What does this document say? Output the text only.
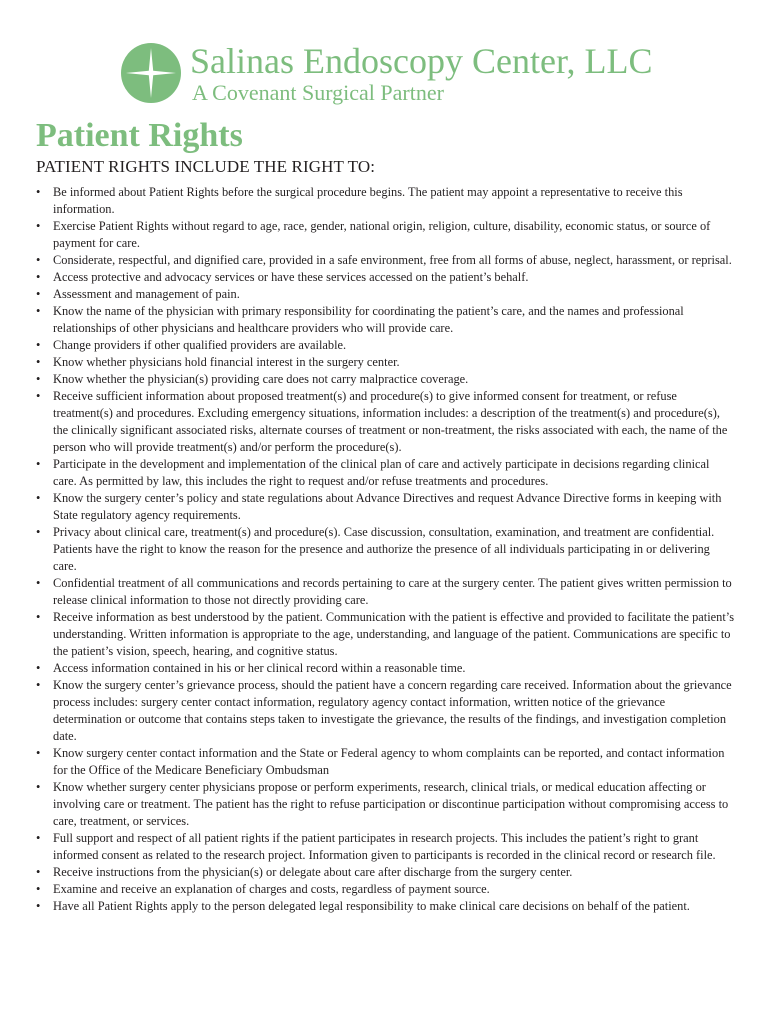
Salinas Endoscopy Center, LLC
A Covenant Surgical Partner
Patient Rights
PATIENT RIGHTS INCLUDE THE RIGHT TO:
• Be informed about Patient Rights before the surgical procedure begins. The patient may appoint a representative to receive this information.
• Exercise Patient Rights without regard to age, race, gender, national origin, religion, culture, disability, economic status, or source of payment for care.
• Considerate, respectful, and dignified care, provided in a safe environment, free from all forms of abuse, neglect, harassment, or reprisal.
• Access protective and advocacy services or have these services accessed on the patient’s behalf.
• Assessment and management of pain.
• Know the name of the physician with primary responsibility for coordinating the patient’s care, and the names and professional relationships of other physicians and healthcare providers who will provide care.
• Change providers if other qualified providers are available.
• Know whether physicians hold financial interest in the surgery center.
• Know whether the physician(s) providing care does not carry malpractice coverage.
• Receive sufficient information about proposed treatment(s) and procedure(s) to give informed consent for treatment, or refuse treatment(s) and procedures. Excluding emergency situations, information includes: a description of the treatment(s) and procedure(s), the clinically significant associated risks, alternate courses of treatment or non-treatment, the risks associated with each, the name of the person who will provide treatment(s) and/or perform the procedure(s).
• Participate in the development and implementation of the clinical plan of care and actively participate in decisions regarding clinical care. As permitted by law, this includes the right to request and/or refuse treatments and procedures.
• Know the surgery center’s policy and state regulations about Advance Directives and request Advance Directive forms in keeping with State regulatory agency requirements.
• Privacy about clinical care, treatment(s) and procedure(s). Case discussion, consultation, examination, and treatment are confidential. Patients have the right to know the reason for the presence and authorize the presence of all individuals participating in or delivering care.
• Confidential treatment of all communications and records pertaining to care at the surgery center. The patient gives written permission to release clinical information to those not directly providing care.
• Receive information as best understood by the patient. Communication with the patient is effective and provided to facilitate the patient’s understanding. Written information is appropriate to the age, understanding, and language of the patient. Communications are specific to the patient’s vision, speech, hearing, and cognitive status.
• Access information contained in his or her clinical record within a reasonable time.
• Know the surgery center’s grievance process, should the patient have a concern regarding care received. Information about the grievance process includes: surgery center contact information, regulatory agency contact information, written notice of the grievance determination or outcome that contains steps taken to investigate the grievance, the results of the findings, and investigation completion date.
• Know surgery center contact information and the State or Federal agency to whom complaints can be reported, and contact information for the Office of the Medicare Beneficiary Ombudsman
• Know whether surgery center physicians propose or perform experiments, research, clinical trials, or medical education affecting or involving care or treatment. The patient has the right to refuse participation or discontinue participation without compromising access to care, treatment, or services.
• Full support and respect of all patient rights if the patient participates in research projects. This includes the patient’s right to grant informed consent as related to the research project. Information given to participants is recorded in the clinical record or research file.
• Receive instructions from the physician(s) or delegate about care after discharge from the surgery center.
• Examine and receive an explanation of charges and costs, regardless of payment source.
• Have all Patient Rights apply to the person delegated legal responsibility to make clinical care decisions on behalf of the patient.
